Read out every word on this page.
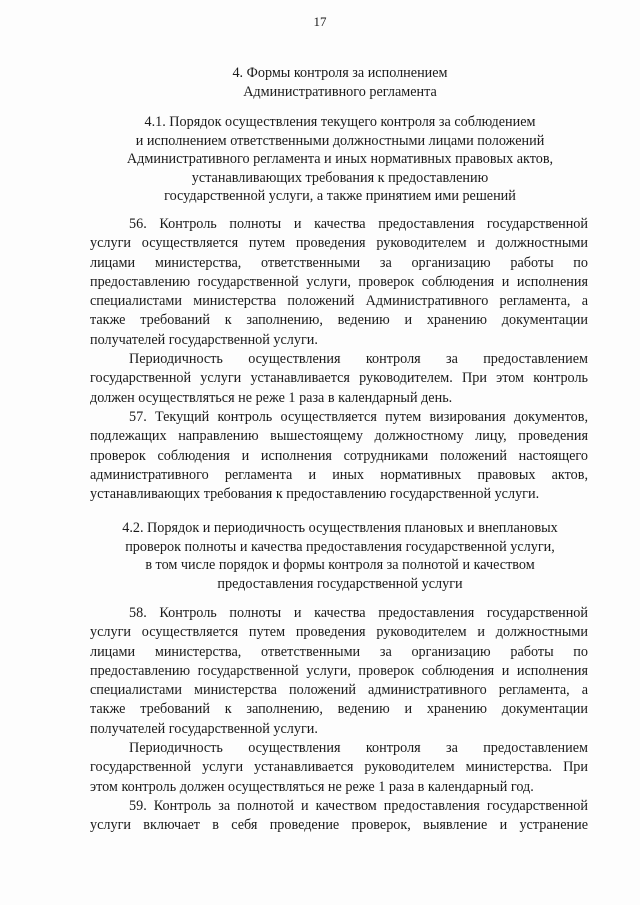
17
4. Формы контроля за исполнением
Административного регламента
4.1. Порядок осуществления текущего контроля за соблюдением
и исполнением ответственными должностными лицами положений
Административного регламента и иных нормативных правовых актов,
устанавливающих требования к предоставлению
государственной услуги, а также принятием ими решений
56. Контроль полноты и качества предоставления государственной
услуги осуществляется путем проведения руководителем и должностными
лицами министерства, ответственными за организацию работы по
предоставлению государственной услуги, проверок соблюдения и исполнения
специалистами министерства положений Административного регламента, а
также требований к заполнению, ведению и хранению документации
получателей государственной услуги.
Периодичность осуществления контроля за предоставлением
государственной услуги устанавливается руководителем. При этом контроль
должен осуществляться не реже 1 раза в календарный день.
57. Текущий контроль осуществляется путем визирования документов,
подлежащих направлению вышестоящему должностному лицу, проведения
проверок соблюдения и исполнения сотрудниками положений настоящего
административного регламента и иных нормативных правовых актов,
устанавливающих требования к предоставлению государственной услуги.
4.2. Порядок и периодичность осуществления плановых и внеплановых
проверок полноты и качества предоставления государственной услуги,
в том числе порядок и формы контроля за полнотой и качеством
предоставления государственной услуги
58. Контроль полноты и качества предоставления государственной
услуги осуществляется путем проведения руководителем и должностными
лицами министерства, ответственными за организацию работы по
предоставлению государственной услуги, проверок соблюдения и исполнения
специалистами министерства положений административного регламента, а
также требований к заполнению, ведению и хранению документации
получателей государственной услуги.
Периодичность осуществления контроля за предоставлением
государственной услуги устанавливается руководителем министерства. При
этом контроль должен осуществляться не реже 1 раза в календарный год.
59. Контроль за полнотой и качеством предоставления государственной
услуги включает в себя проведение проверок, выявление и устранение
